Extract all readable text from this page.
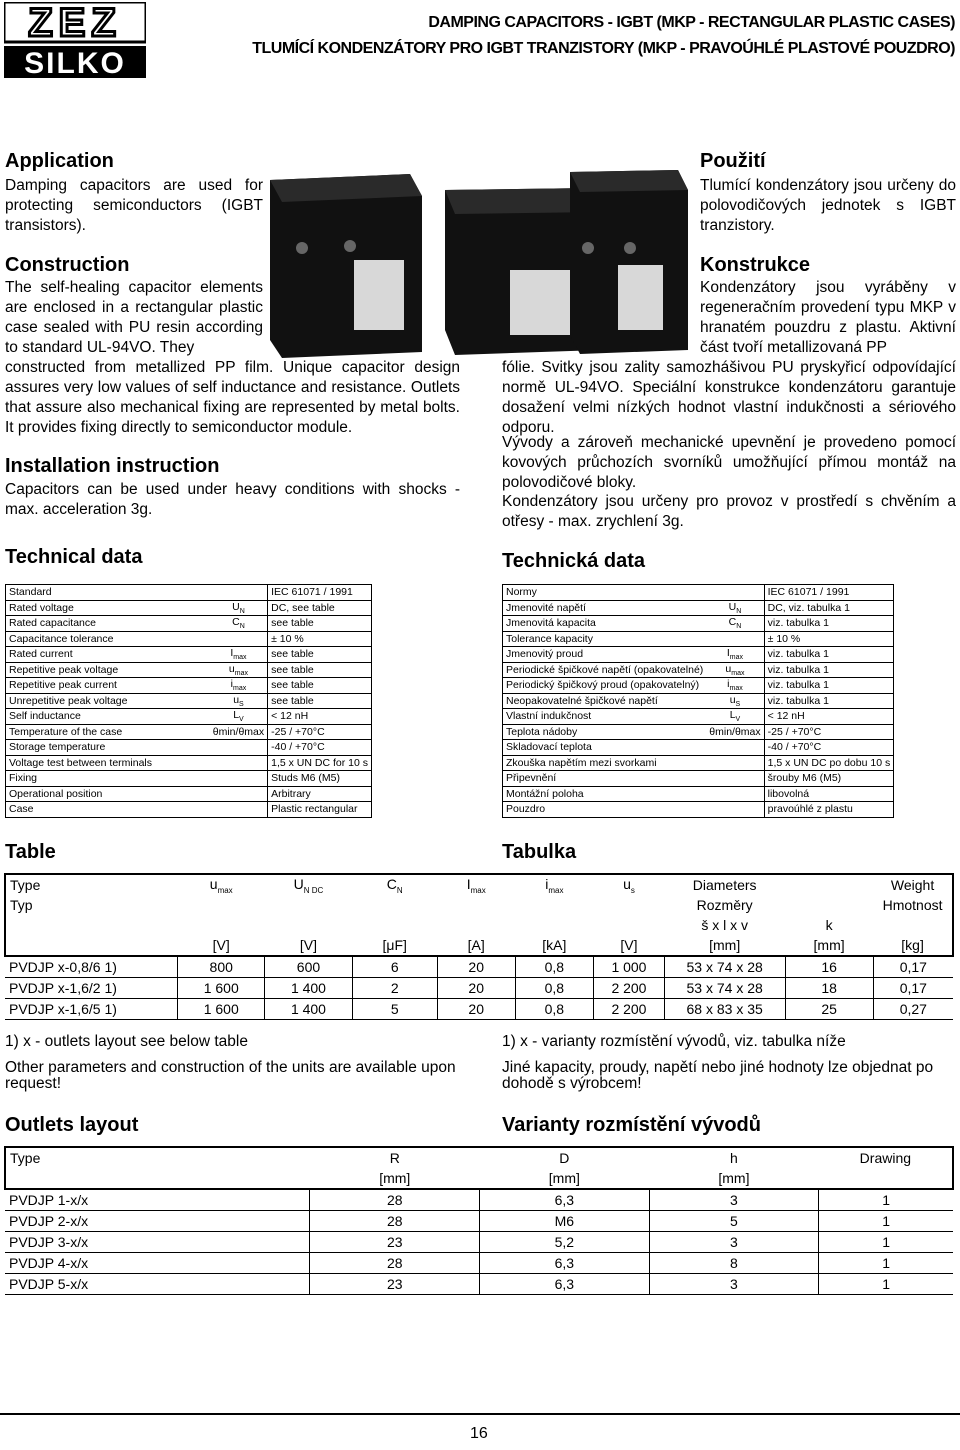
ZEZ
SILKO
DAMPING CAPACITORS - IGBT (MKP - RECTANGULAR PLASTIC CASES)
TLUMÍCÍ KONDENZÁTORY PRO IGBT TRANZISTORY (MKP - PRAVOÚHLÉ PLASTOVÉ POUZDRO)
Application
Damping capacitors are used for protecting semiconductors (IGBT transistors).
Construction
The self-healing capacitor elements are enclosed in a rectangular plastic case sealed with PU resin according to standard UL-94VO. They
constructed from metallized PP film. Unique capacitor design assures very low values of self inductance and resistance. Outlets that assure also mechanical fixing are represented by metal bolts. It provides fixing directly to semiconductor module.
Installation instruction
Capacitors can be used under heavy conditions with shocks - max. acceleration 3g.
Technical data
Použití
Tlumící kondenzátory jsou určeny do polovodičových jednotek s IGBT tranzistory.
Konstrukce
Kondenzátory jsou vyráběny v regeneračním provedení typu MKP v hranatém pouzdru z plastu. Aktivní část tvoří metallizovaná PP
fólie. Svitky jsou zality samozhášivou PU pryskyřicí odpovídající normě UL-94VO. Speciální konstrukce kondenzátoru garantuje dosažení velmi nízkých hodnot vlastní indukčnosti a sériového odporu.
Vývody a zároveň mechanické upevnění je provedeno pomocí kovových průchozích svorníků umožňující přímou montáž na polovodičové bloky.
Kondenzátory jsou určeny pro provoz v prostředí s chvěním a otřesy - max. zrychlení 3g.
Technická data
Standard		IEC 61071 / 1991
Rated voltage	$U_N$	DC, see table
Rated capacitance	$C_N$	see table
Capacitance tolerance		± 10 %
Rated current	$I_{max}$	see table
Repetitive peak voltage	$u_{max}$	see table
Repetitive peak current	$i_{max}$	see table
Unrepetitive peak voltage	$u_S$	see table
Self inductance	$L_V$	< 12 nH
Temperature of the case	θmin/θmax	-25 / +70°C
Storage temperature		-40 / +70°C
Voltage test between terminals		1,5 x UN DC for 10 s
Fixing		Studs M6 (M5)
Operational position		Arbitrary
Case		Plastic rectangular
Normy		IEC 61071 / 1991
Jmenovité napětí	$U_N$	DC, viz. tabulka 1
Jmenovitá kapacita	$C_N$	viz. tabulka 1
Tolerance kapacity		± 10 %
Jmenovitý proud	$I_{max}$	viz. tabulka 1
Periodické špičkové napětí (opakovatelné)	$u_{max}$	viz. tabulka 1
Periodický špičkový proud (opakovatelný)	$i_{max}$	viz. tabulka 1
Neopakovatelné špičkové napětí	$u_S$	viz. tabulka 1
Vlastní indukčnost	$L_V$	< 12 nH
Teplota nádoby	θmin/θmax	-25 / +70°C
Skladovací teplota		-40 / +70°C
Zkouška napětím mezi svorkami		1,5 x UN DC po dobu 10 s
Připevnění		šrouby M6 (M5)
Montážní poloha		libovolná
Pouzdro		pravoúhlé z plastu
Table	Tabulka
Type	$u_{max}$	$U_{N DC}$	$C_N$	$I_{max}$	$i_{max}$	$u_s$	Diameters		Weight
Typ							Rozměry		Hmotnost
							š x l x v	k	
	[V]	[V]	[μF]	[A]	[kA]	[V]	[mm]	[mm]	[kg]
PVDJP x-0,8/6 1)	800	600	6	20	0,8	1 000	53 x 74 x 28	16	0,17
PVDJP x-1,6/2 1)	1 600	1 400	2	20	0,8	2 200	53 x 74 x 28	18	0,17
PVDJP x-1,6/5 1)	1 600	1 400	5	20	0,8	2 200	68 x 83 x 35	25	0,27
1) x - outlets layout see below table
Other parameters and construction of the units are available upon request!
1) x - varianty rozmístění vývodů, viz. tabulka níže
Jiné kapacity, proudy, napětí nebo jiné hodnoty lze objednat po dohodě s výrobcem!
Outlets layout	Varianty rozmístění vývodů
Type	R	D	h	Drawing
	[mm]	[mm]	[mm]	
PVDJP 1-x/x	28	6,3	3	1
PVDJP 2-x/x	28	M6	5	1
PVDJP 3-x/x	23	5,2	3	1
PVDJP 4-x/x	28	6,3	8	1
PVDJP 5-x/x	23	6,3	3	1
16
